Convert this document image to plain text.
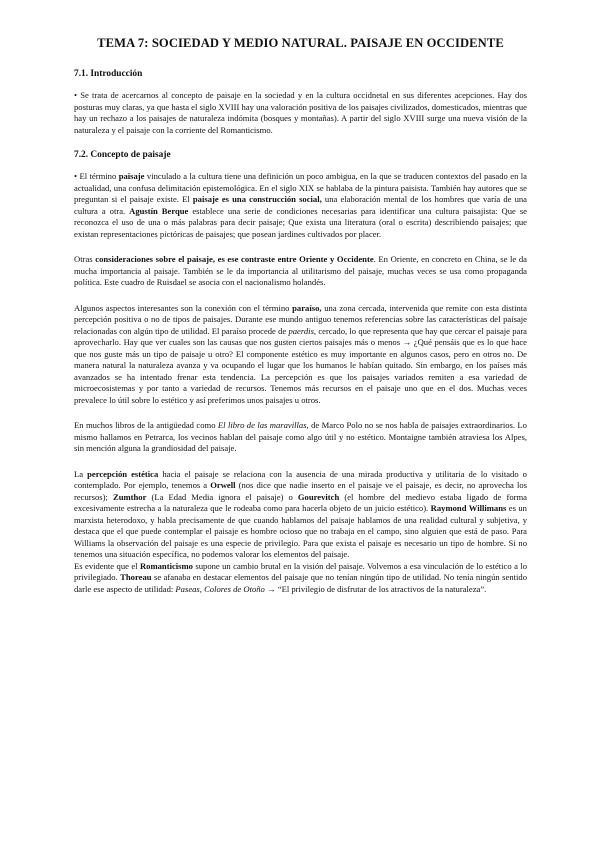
TEMA 7: SOCIEDAD Y MEDIO NATURAL. PAISAJE EN OCCIDENTE
7.1. Introducción

• Se trata de acercarnos al concepto de paisaje en la sociedad y en la cultura occidnetal en sus diferentes acepciones. Hay dos posturas muy claras, ya que hasta el siglo XVIII hay una valoración positiva de los paisajes civilizados, domesticados, mientras que hay un rechazo a los paisajes de naturaleza indómita (bosques y montañas). A partir del siglo XVIII surge una nueva visión de la naturaleza y el paisaje con la corriente del Romanticismo.

7.2. Concepto de paisaje

• El término paisaje vinculado a la cultura tiene una definición un poco ambigua, en la que se traducen contextos del pasado en la actualidad, una confusa delimitación epistemológica. En el siglo XIX se hablaba de la pintura paisista. También hay autores que se preguntan si el paisaje existe. El paisaje es una construcción social, una elaboración mental de los hombres que varía de una cultura a otra. Agustín Berque establece una serie de condiciones necesarias para identificar una cultura paisajista: Que se reconozca el uso de una o más palabras para decir paisaje; Que exista una literatura (oral o escrita) describiendo paisajes; que existan representaciones pictóricas de paisajes; que posean jardines cultivados por placer.

Otras consideraciones sobre el paisaje, es ese contraste entre Oriente y Occidente. En Oriente, en concreto en China, se le da mucha importancia al paisaje. También se le da importancia al utilitarismo del paisaje, muchas veces se usa como propaganda política. Este cuadro de Ruisdael se asocia con el nacionalismo holandés.

Algunos aspectos interesantes son la conexión con el término paraíso, una zona cercada, intervenida que remite con esta distinta percepción positiva o no de tipos de paisajes. Durante ese mundo antiguo tenemos referencias sobre las características del paisaje relacionadas con algún tipo de utilidad. El paraíso procede de paerdis, cercado, lo que representa que hay que cercar el paisaje para aprovecharlo. Hay que ver cuales son las causas que nos gusten ciertos paisajes más o menos → ¿Qué pensáis que es lo que hace que nos guste más un tipo de paisaje u otro? El componente estético es muy importante en algunos casos, pero en otros no. De manera natural la naturaleza avanza y va ocupando el lugar que los humanos le habían quitado. Sin embargo, en los países más avanzados se ha intentado frenar esta tendencia. La percepción es que los paisajes variados remiten a esa variedad de microecosistemas y por tanto a variedad de recursos. Tenemos más recursos en el paisaje uno que en el dos. Muchas veces prevalece lo útil sobre lo estético y así preferimos unos paisajes u otros.

En muchos libros de la antigüedad como El libro de las maravillas, de Marco Polo no se nos habla de paisajes extraordinarios. Lo mismo hallamos en Petrarca, los vecinos hablan del paisaje como algo útil y no estético. Montaigne también atraviesa los Alpes, sin mención alguna la grandiosidad del paisaje.

La percepción estética hacia el paisaje se relaciona con la ausencia de una mirada productiva y utilitaria de lo visitado o contemplado. Por ejemplo, tenemos a Orwell (nos dice que nadie inserto en el paisaje ve el paisaje, es decir, no aprovecha los recursos); Zumthor (La Edad Media ignora el paisaje) o Gourevitch (el hombre del medievo estaba ligado de forma excesivamente estrecha a la naturaleza que le rodeaba como para hacerla objeto de un juicio estético). Raymond Willimans es un marxista heterodoxo, y habla precisamente de que cuando hablamos del paisaje hablamos de una realidad cultural y subjetiva, y destaca que el que puede contemplar el paisaje es hombre ocioso que no trabaja en el campo, sino alguien que está de paso. Para Williams la observación del paisaje es una especie de privilegio. Para que exista el paisaje es necesario un tipo de hombre. Si no tenemos una situación específica, no podemos valorar los elementos del paisaje.

Es evidente que el Romanticismo supone un cambio brutal en la visión del paisaje. Volvemos a esa vinculación de lo estético a lo privilegiado. Thoreau se afanaba en destacar elementos del paisaje que no tenían ningún tipo de utilidad. No tenía ningún sentido darle ese aspecto de utilidad: Paseas, Colores de Otoño → “El privilegio de disfrutar de los atractivos de la naturaleza”.
